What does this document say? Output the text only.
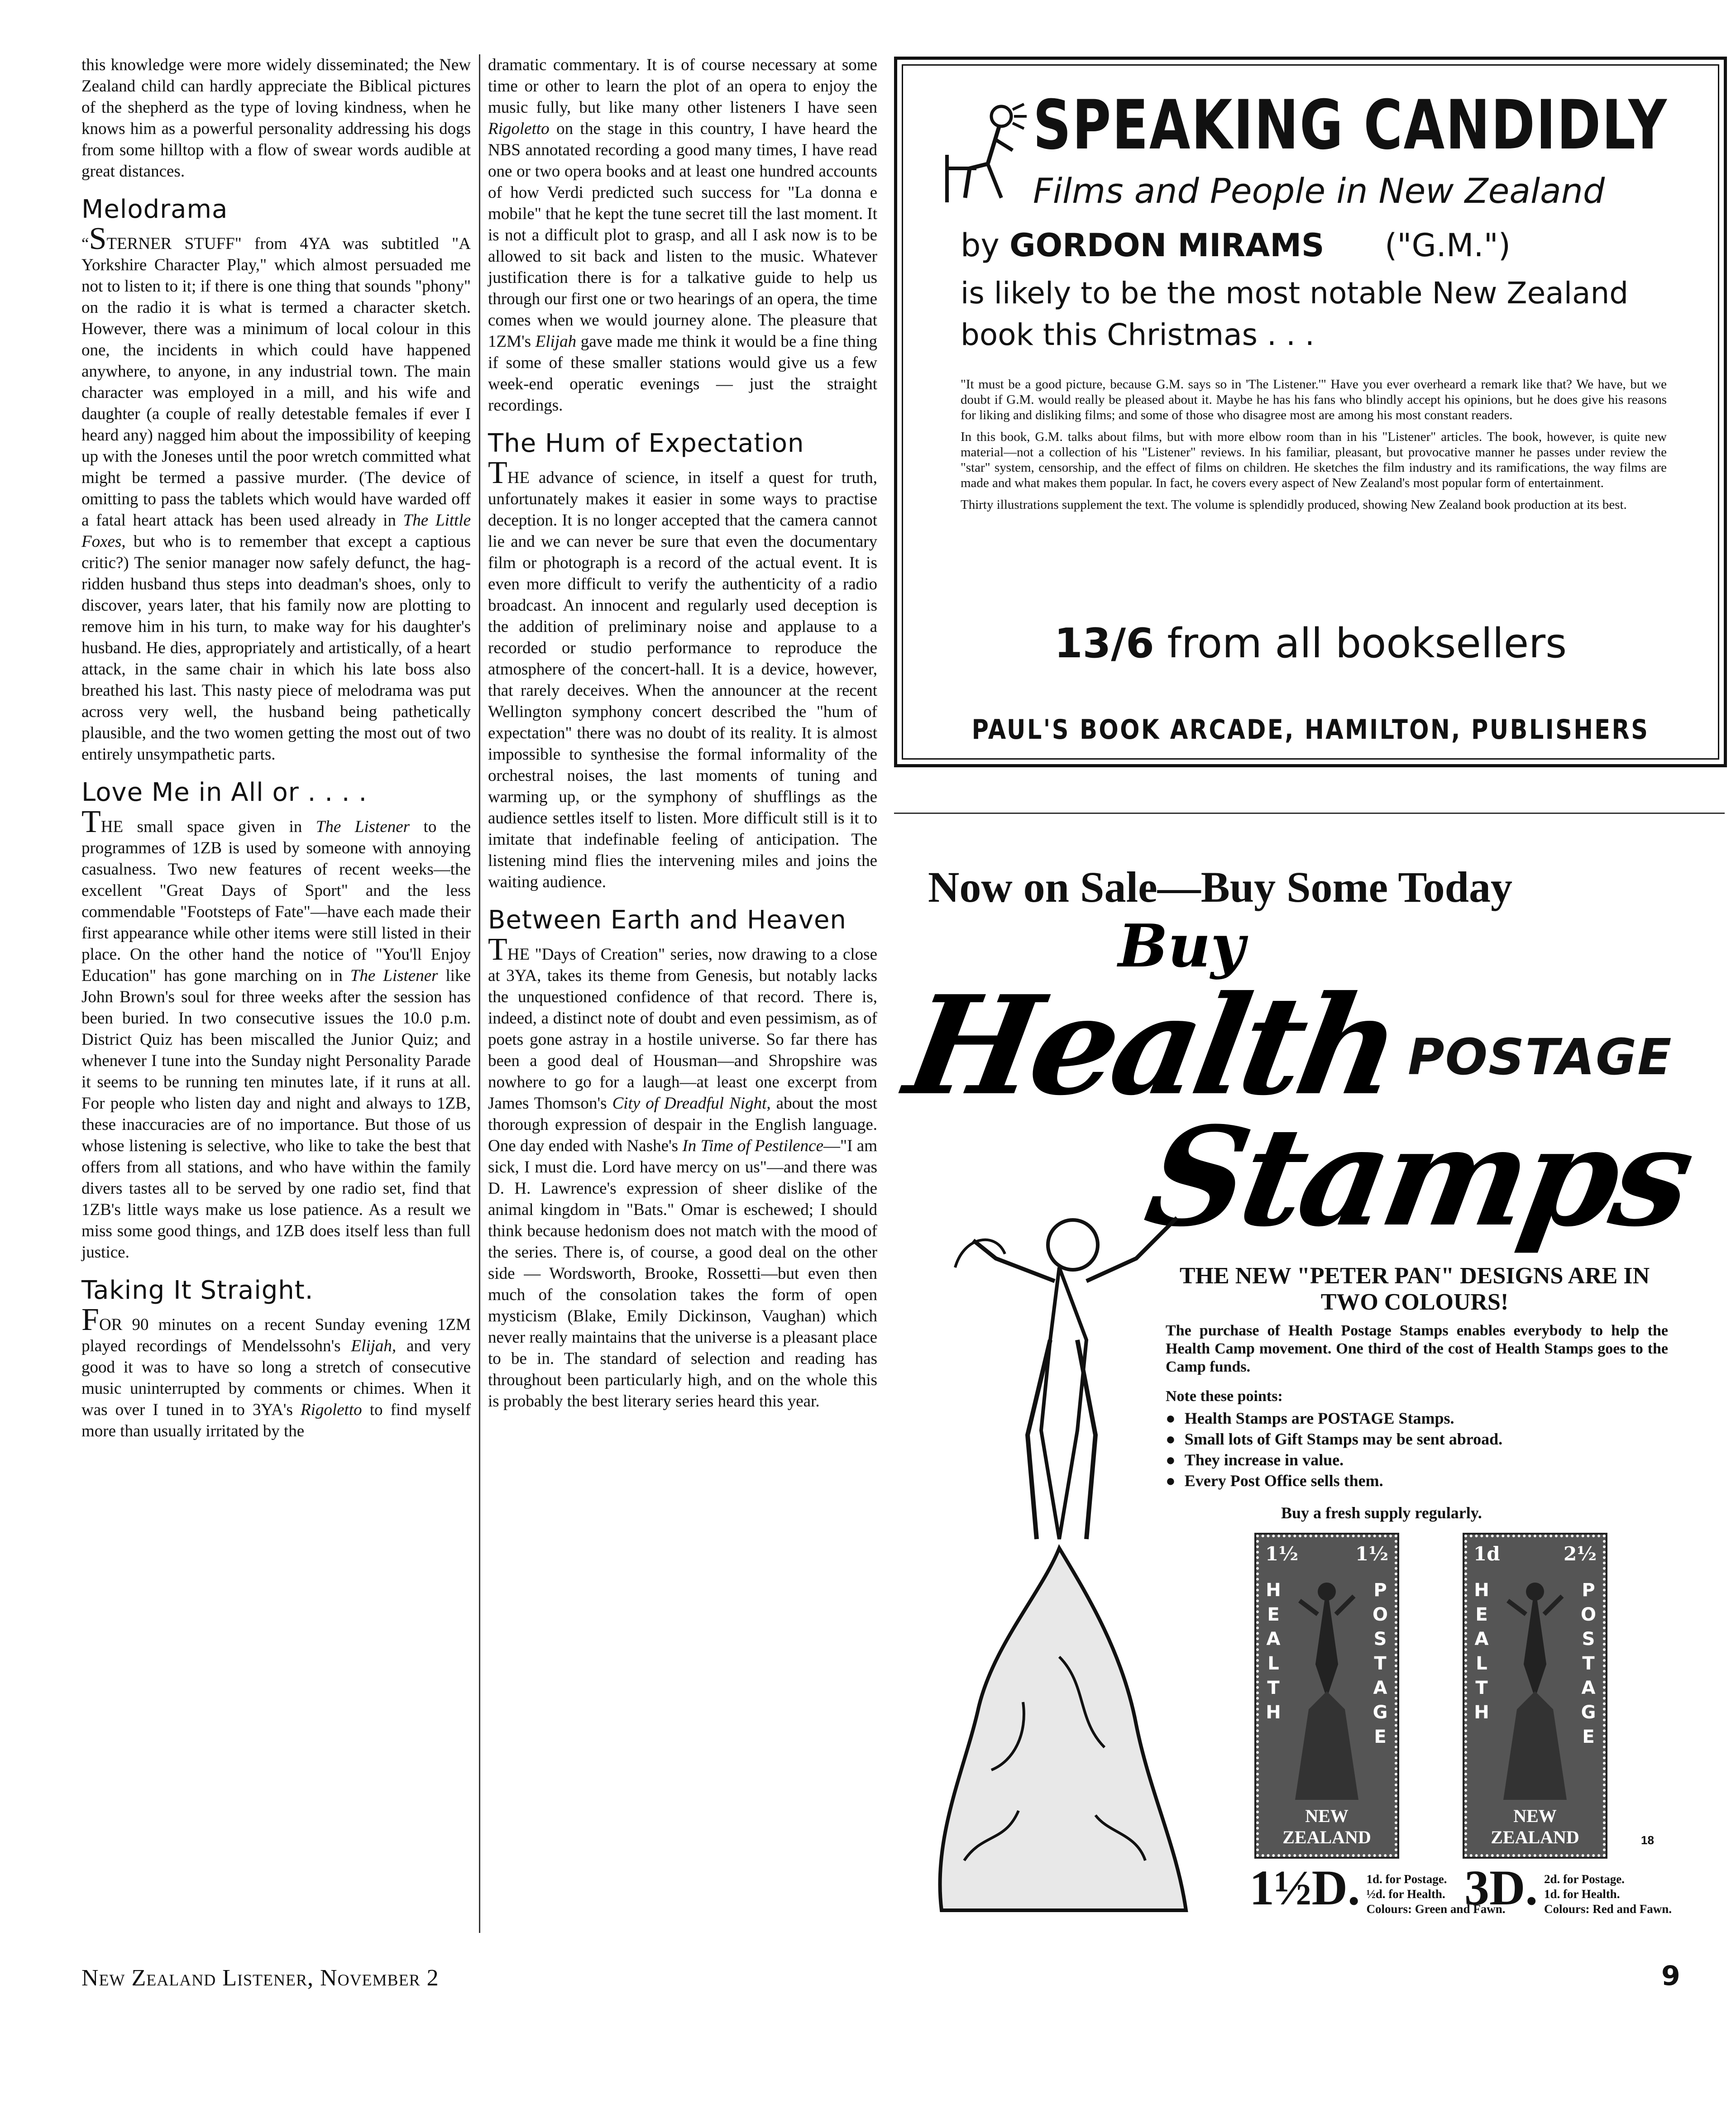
this knowledge were more widely disseminated; the New Zealand child can hardly appreciate the Biblical pictures of the shepherd as the type of loving kindness, when he knows him as a powerful personality addressing his dogs from some hilltop with a flow of swear words audible at great distances.

Melodrama

“STERNER STUFF" from 4YA was subtitled "A Yorkshire Character Play," which almost persuaded me not to listen to it; if there is one thing that sounds "phony" on the radio it is what is termed a character sketch. However, there was a minimum of local colour in this one, the incidents in which could have happened anywhere, to anyone, in any industrial town. The main character was employed in a mill, and his wife and daughter (a couple of really detestable females if ever I heard any) nagged him about the impossibility of keeping up with the Joneses until the poor wretch committed what might be termed a passive murder. (The device of omitting to pass the tablets which would have warded off a fatal heart attack has been used already in The Little Foxes, but who is to remember that except a captious critic?) The senior manager now safely defunct, the hag-ridden husband thus steps into deadman's shoes, only to discover, years later, that his family now are plotting to remove him in his turn, to make way for his daughter's husband. He dies, appropriately and artistically, of a heart attack, in the same chair in which his late boss also breathed his last. This nasty piece of melodrama was put across very well, the husband being pathetically plausible, and the two women getting the most out of two entirely unsympathetic parts.

Love Me in All or . . . .

THE small space given in The Listener to the programmes of 1ZB is used by someone with annoying casualness. Two new features of recent weeks—the excellent "Great Days of Sport" and the less commendable "Footsteps of Fate"—have each made their first appearance while other items were still listed in their place. On the other hand the notice of "You'll Enjoy Education" has gone marching on in The Listener like John Brown's soul for three weeks after the session has been buried. In two consecutive issues the 10.0 p.m. District Quiz has been miscalled the Junior Quiz; and whenever I tune into the Sunday night Personality Parade it seems to be running ten minutes late, if it runs at all. For people who listen day and night and always to 1ZB, these inaccuracies are of no importance. But those of us whose listening is selective, who like to take the best that offers from all stations, and who have within the family divers tastes all to be served by one radio set, find that 1ZB's little ways make us lose patience. As a result we miss some good things, and 1ZB does itself less than full justice.

Taking It Straight.

FOR 90 minutes on a recent Sunday evening 1ZM played recordings of Mendelssohn's Elijah, and very good it was to have so long a stretch of consecutive music uninterrupted by comments or chimes. When it was over I tuned in to 3YA's Rigoletto to find myself more than usually irritated by the

dramatic commentary. It is of course necessary at some time or other to learn the plot of an opera to enjoy the music fully, but like many other listeners I have seen Rigoletto on the stage in this country, I have heard the NBS annotated recording a good many times, I have read one or two opera books and at least one hundred accounts of how Verdi predicted such success for "La donna e mobile" that he kept the tune secret till the last moment. It is not a difficult plot to grasp, and all I ask now is to be allowed to sit back and listen to the music. Whatever justification there is for a talkative guide to help us through our first one or two hearings of an opera, the time comes when we would journey alone. The pleasure that 1ZM's Elijah gave made me think it would be a fine thing if some of these smaller stations would give us a few week-end operatic evenings — just the straight recordings.

The Hum of Expectation

THE advance of science, in itself a quest for truth, unfortunately makes it easier in some ways to practise deception. It is no longer accepted that the camera cannot lie and we can never be sure that even the documentary film or photograph is a record of the actual event. It is even more difficult to verify the authenticity of a radio broadcast. An innocent and regularly used deception is the addition of preliminary noise and applause to a recorded or studio performance to reproduce the atmosphere of the concert-hall. It is a device, however, that rarely deceives. When the announcer at the recent Wellington symphony concert described the "hum of expectation" there was no doubt of its reality. It is almost impossible to synthesise the formal informality of the orchestral noises, the last moments of tuning and warming up, or the symphony of shufflings as the audience settles itself to listen. More difficult still is it to imitate that indefinable feeling of anticipation. The listening mind flies the intervening miles and joins the waiting audience.

Between Earth and Heaven

THE "Days of Creation" series, now drawing to a close at 3YA, takes its theme from Genesis, but notably lacks the unquestioned confidence of that record. There is, indeed, a distinct note of doubt and even pessimism, as of poets gone astray in a hostile universe. So far there has been a good deal of Housman—and Shropshire was nowhere to go for a laugh—at least one excerpt from James Thomson's City of Dreadful Night, about the most thorough expression of despair in the English language. One day ended with Nashe's In Time of Pestilence—"I am sick, I must die. Lord have mercy on us"—and there was D. H. Lawrence's expression of sheer dislike of the animal kingdom in "Bats." Omar is eschewed; I should think because hedonism does not match with the mood of the series. There is, of course, a good deal on the other side — Wordsworth, Brooke, Rossetti—but even then much of the consolation takes the form of open mysticism (Blake, Emily Dickinson, Vaughan) which never really maintains that the universe is a pleasant place to be in. The standard of selection and reading has throughout been particularly high, and on the whole this is probably the best literary series heard this year.

SPEAKING CANDIDLY
Films and People in New Zealand
by GORDON MIRAMS ("G.M.")
is likely to be the most notable New Zealand book this Christmas . . .

"It must be a good picture, because G.M. says so in 'The Listener.'" Have you ever overheard a remark like that? We have, but we doubt if G.M. would really be pleased about it. Maybe he has his fans who blindly accept his opinions, but he does give his reasons for liking and disliking films; and some of those who disagree most are among his most constant readers.

In this book, G.M. talks about films, but with more elbow room than in his "Listener" articles. The book, however, is quite new material—not a collection of his "Listener" reviews. In his familiar, pleasant, but provocative manner he passes under review the "star" system, censorship, and the effect of films on children. He sketches the film industry and its ramifications, the way films are made and what makes them popular. In fact, he covers every aspect of New Zealand's most popular form of entertainment.

Thirty illustrations supplement the text. The volume is splendidly produced, showing New Zealand book production at its best.

13/6 from all booksellers
PAUL'S BOOK ARCADE, HAMILTON, PUBLISHERS
Now on Sale—Buy Some Today
Buy
Health POSTAGE
Stamps
THE NEW "PETER PAN" DESIGNS ARE IN TWO COLOURS!
The purchase of Health Postage Stamps enables everybody to help the Health Camp movement. One third of the cost of Health Stamps goes to the Camp funds.
Note these points:
● Health Stamps are POSTAGE Stamps.
● Small lots of Gift Stamps may be sent abroad.
● They increase in value.
● Every Post Office sells them.
Buy a fresh supply regularly.
1½	1½
HEALTH
POSTAGE
NEW ZEALAND
1d	2½
HEALTH
POSTAGE
NEW ZEALAND	18
1½D. 1d. for Postage.
½d. for Health.
Colours: Green and Fawn.
3D. 2d. for Postage.
1d. for Health.
Colours: Red and Fawn.
New Zealand Listener, November 2	9
